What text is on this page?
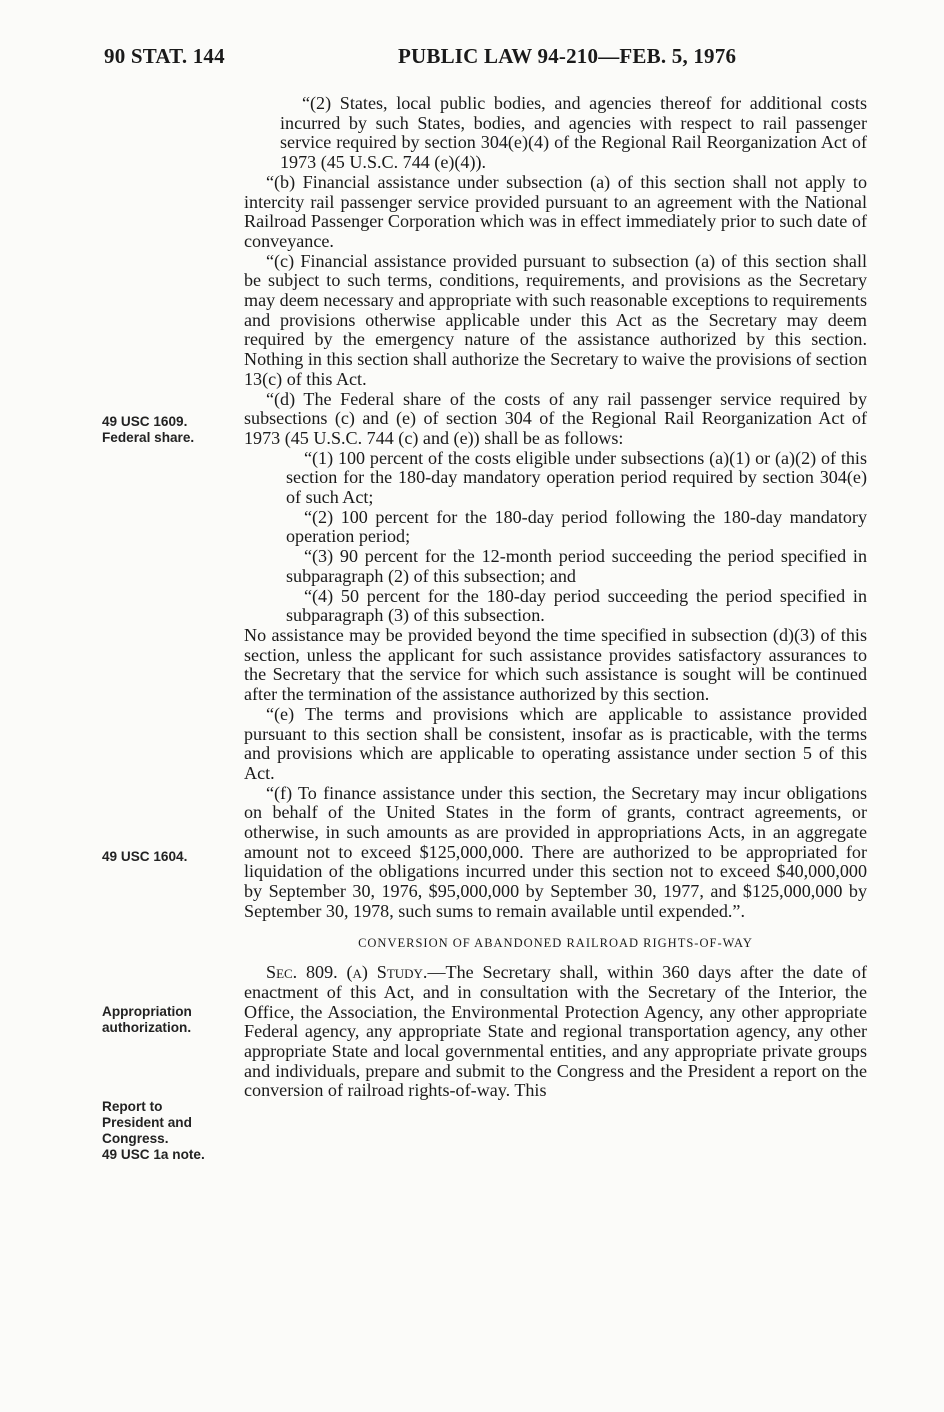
90 STAT. 144	PUBLIC LAW 94-210—FEB. 5, 1976
49 USC 1609.
Federal share.
49 USC 1604.
Appropriation
authorization.
Report to
President and
Congress.
49 USC 1a note.

“(2) States, local public bodies, and agencies thereof for additional costs incurred by such States, bodies, and agencies with respect to rail passenger service required by section 304(e)(4) of the Regional Rail Reorganization Act of 1973 (45 U.S.C. 744 (e)(4)).

“(b) Financial assistance under subsection (a) of this section shall not apply to intercity rail passenger service provided pursuant to an agreement with the National Railroad Passenger Corporation which was in effect immediately prior to such date of conveyance.

“(c) Financial assistance provided pursuant to subsection (a) of this section shall be subject to such terms, conditions, requirements, and provisions as the Secretary may deem necessary and appropriate with such reasonable exceptions to requirements and provisions otherwise applicable under this Act as the Secretary may deem required by the emergency nature of the assistance authorized by this section. Nothing in this section shall authorize the Secretary to waive the provisions of section 13(c) of this Act.

“(d) The Federal share of the costs of any rail passenger service required by subsections (c) and (e) of section 304 of the Regional Rail Reorganization Act of 1973 (45 U.S.C. 744 (c) and (e)) shall be as follows:

“(1) 100 percent of the costs eligible under subsections (a)(1) or (a)(2) of this section for the 180-day mandatory operation period required by section 304(e) of such Act;

“(2) 100 percent for the 180-day period following the 180-day mandatory operation period;

“(3) 90 percent for the 12-month period succeeding the period specified in subparagraph (2) of this subsection; and

“(4) 50 percent for the 180-day period succeeding the period specified in subparagraph (3) of this subsection.

No assistance may be provided beyond the time specified in subsection (d)(3) of this section, unless the applicant for such assistance provides satisfactory assurances to the Secretary that the service for which such assistance is sought will be continued after the termination of the assistance authorized by this section.

“(e) The terms and provisions which are applicable to assistance provided pursuant to this section shall be consistent, insofar as is practicable, with the terms and provisions which are applicable to operating assistance under section 5 of this Act.

“(f) To finance assistance under this section, the Secretary may incur obligations on behalf of the United States in the form of grants, contract agreements, or otherwise, in such amounts as are provided in appropriations Acts, in an aggregate amount not to exceed $125,000,000. There are authorized to be appropriated for liquidation of the obligations incurred under this section not to exceed $40,000,000 by September 30, 1976, $95,000,000 by September 30, 1977, and $125,000,000 by September 30, 1978, such sums to remain available until expended.”.

CONVERSION OF ABANDONED RAILROAD RIGHTS-OF-WAY

Sec. 809. (a) Study.—The Secretary shall, within 360 days after the date of enactment of this Act, and in consultation with the Secretary of the Interior, the Office, the Association, the Environmental Protection Agency, any other appropriate Federal agency, any appropriate State and regional transportation agency, any other appropriate State and local governmental entities, and any appropriate private groups and individuals, prepare and submit to the Congress and the President a report on the conversion of railroad rights-of-way. This
